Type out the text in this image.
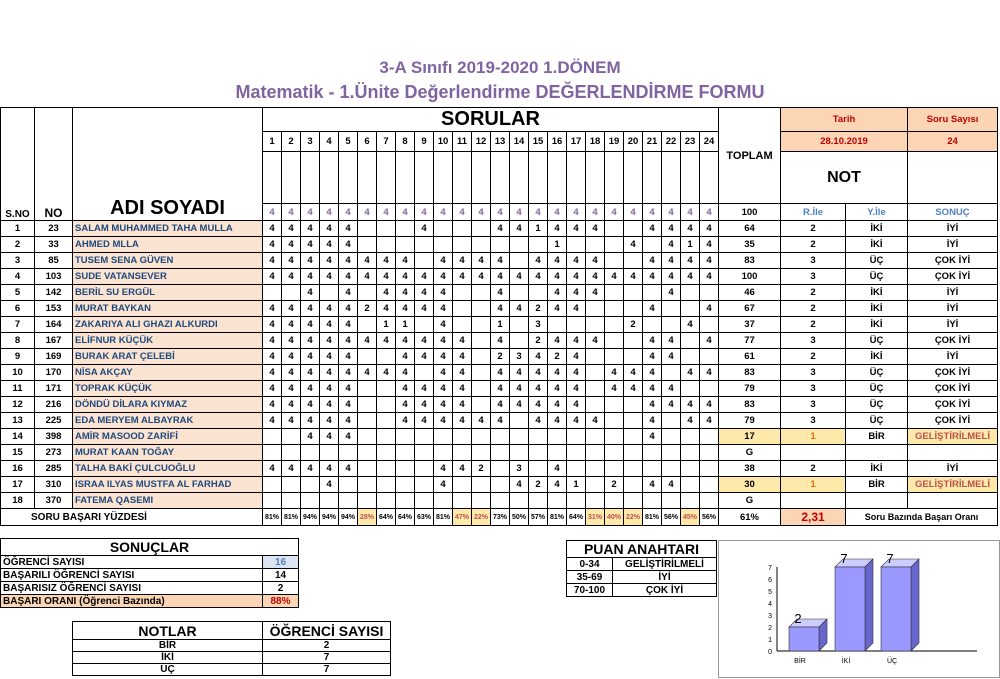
3-A Sınıfı 2019-2020 1.DÖNEM
Matematik - 1.Ünite Değerlendirme DEĞERLENDİRME FORMU
S.NO	NO	ADI SOYADI	SORULAR																								TOPLAM	Tarih		Soru Sayısı
			1	2	3	4	5	6	7	8	9	10	11	12	13	14	15	16	17	18	19	20	21	22	23	24		28.10.2019		24
																												NOT		
			4	4	4	4	4	4	4	4	4	4	4	4	4	4	4	4	4	4	4	4	4	4	4	4	100	R.İle	Y.İle	SONUÇ
1	23	SALAM MUHAMMED TAHA MULLA	4	4	4	4	4				4				4	4	1	4	4	4			4	4	4	4	64	2	İKİ	İYİ
2	33	AHMED MLLA	4	4	4	4	4											1				4		4	1	4	35	2	İKİ	İYİ
3	85	TUSEM SENA GÜVEN	4	4	4	4	4	4	4	4		4	4	4	4		4	4	4	4			4	4	4	4	83	3	ÜÇ	ÇOK İYİ
4	103	SUDE VATANSEVER	4	4	4	4	4	4	4	4	4	4	4	4	4	4	4	4	4	4	4	4	4	4	4	4	100	3	ÜÇ	ÇOK İYİ
5	142	BERİL SU ERGÜL			4		4		4	4	4	4			4			4	4	4				4			46	2	İKİ	İYİ
6	153	MURAT BAYKAN	4	4	4	4	4	2	4	4	4	4			4	4	2	4	4				4			4	67	2	İKİ	İYİ
7	164	ZAKARIYA ALI GHAZI ALKURDI	4	4	4	4	4		1	1		4			1		3					2			4		37	2	İKİ	İYİ
8	167	ELİFNUR KÜÇÜK	4	4	4	4	4	4	4	4	4	4	4		4		2	4	4	4			4	4		4	77	3	ÜÇ	ÇOK İYİ
9	169	BURAK ARAT ÇELEBİ	4	4	4	4	4			4	4	4	4		2	3	4	2	4				4	4			61	2	İKİ	İYİ
10	170	NİSA AKÇAY	4	4	4	4	4	4	4	4		4	4		4	4	4	4	4		4	4	4		4	4	83	3	ÜÇ	ÇOK İYİ
11	171	TOPRAK KÜÇÜK	4	4	4	4	4			4	4	4	4		4	4	4	4	4		4	4	4	4			79	3	ÜÇ	ÇOK İYİ
12	216	DÖNDÜ DİLARA KIYMAZ	4	4	4	4	4			4	4	4	4		4	4	4	4	4				4	4	4	4	83	3	ÜÇ	ÇOK İYİ
13	225	EDA MERYEM ALBAYRAK	4	4	4	4	4			4	4	4	4	4	4		4	4	4	4			4		4	4	79	3	ÜÇ	ÇOK İYİ
14	398	AMİR MASOOD ZARİFİ			4	4	4																4				17	1	BİR	GELİŞTİRİLMELİ
15	273	MURAT KAAN TOĞAY																									G			
16	285	TALHA BAKİ ÇULCUOĞLU	4	4	4	4	4					4	4	2		3		4									38	2	İKİ	İYİ
17	310	ISRAA ILYAS MUSTFA AL FARHAD				4						4				4	2	4	1		2		4	4			30	1	BİR	GELİŞTİRİLMELİ
18	370	FATEMA QASEMI																									G			
SORU BAŞARI YÜZDESİ			81%	81%	94%	94%	94%	28%	64%	64%	63%	81%	47%	22%	73%	50%	57%	81%	64%	31%	40%	22%	81%	56%	45%	56%	61%	2,31	Soru Bazında Başarı Oranı	
SONUÇLAR	
ÖĞRENCİ SAYISI	16
BAŞARILI ÖĞRENCİ SAYISI	14
BAŞARISIZ ÖĞRENCİ SAYISI	2
BAŞARI ORANI (Öğrenci Bazında)	88%
NOTLAR	ÖĞRENCİ SAYISI
BİR	2
İKİ	7
ÜÇ	7
PUAN ANAHTARI	
0-34	GELİŞTİRİLMELİ
35-69	İYİ
70-100	ÇOK İYİ
0
1
2
3
4
5
6
7
2
BİR
7
İKİ
7
ÜÇ
